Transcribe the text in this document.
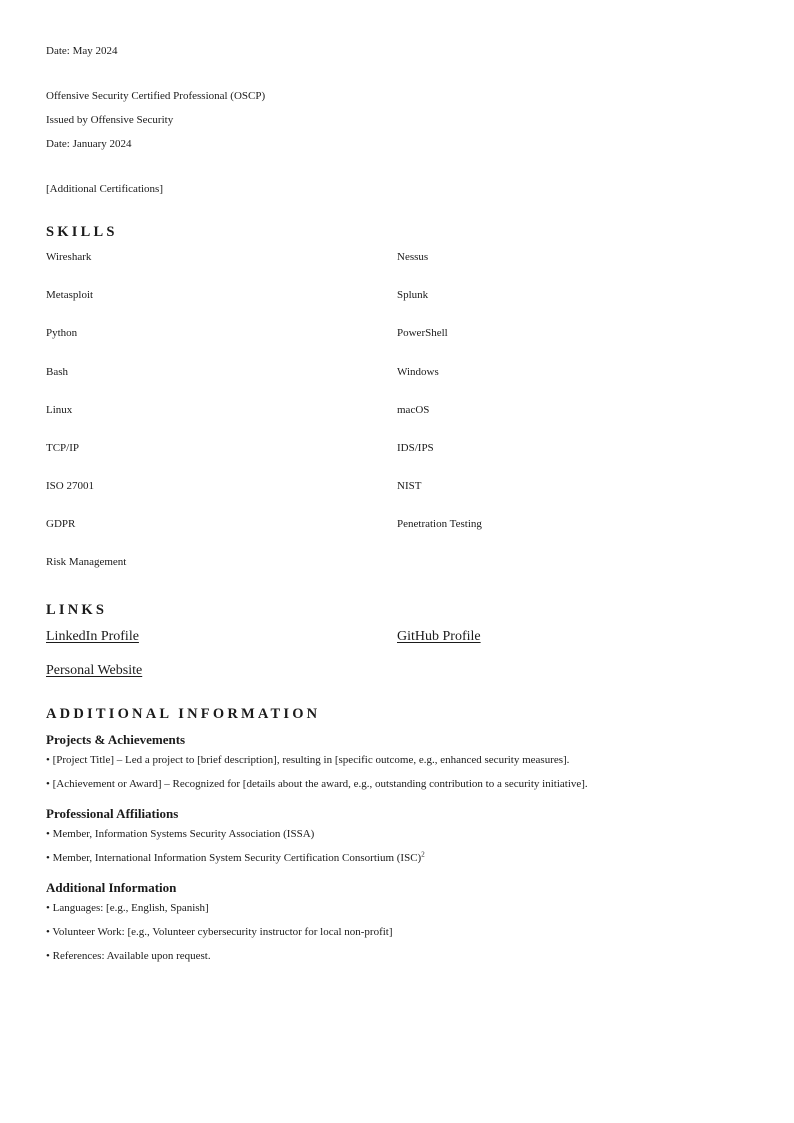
Date: May 2024
Offensive Security Certified Professional (OSCP)
Issued by Offensive Security
Date: January 2024
[Additional Certifications]
SKILLS
Wireshark	Nessus
Metasploit	Splunk
Python	PowerShell
Bash	Windows
Linux	macOS
TCP/IP	IDS/IPS
ISO 27001	NIST
GDPR	Penetration Testing
Risk Management
LINKS
LinkedIn Profile	GitHub Profile
Personal Website
ADDITIONAL INFORMATION
Projects & Achievements
• [Project Title] – Led a project to [brief description], resulting in [specific outcome, e.g., enhanced security measures].
• [Achievement or Award] – Recognized for [details about the award, e.g., outstanding contribution to a security initiative].
Professional Affiliations
• Member, Information Systems Security Association (ISSA)
• Member, International Information System Security Certification Consortium (ISC)$^2$
Additional Information
• Languages: [e.g., English, Spanish]
• Volunteer Work: [e.g., Volunteer cybersecurity instructor for local non-profit]
• References: Available upon request.
